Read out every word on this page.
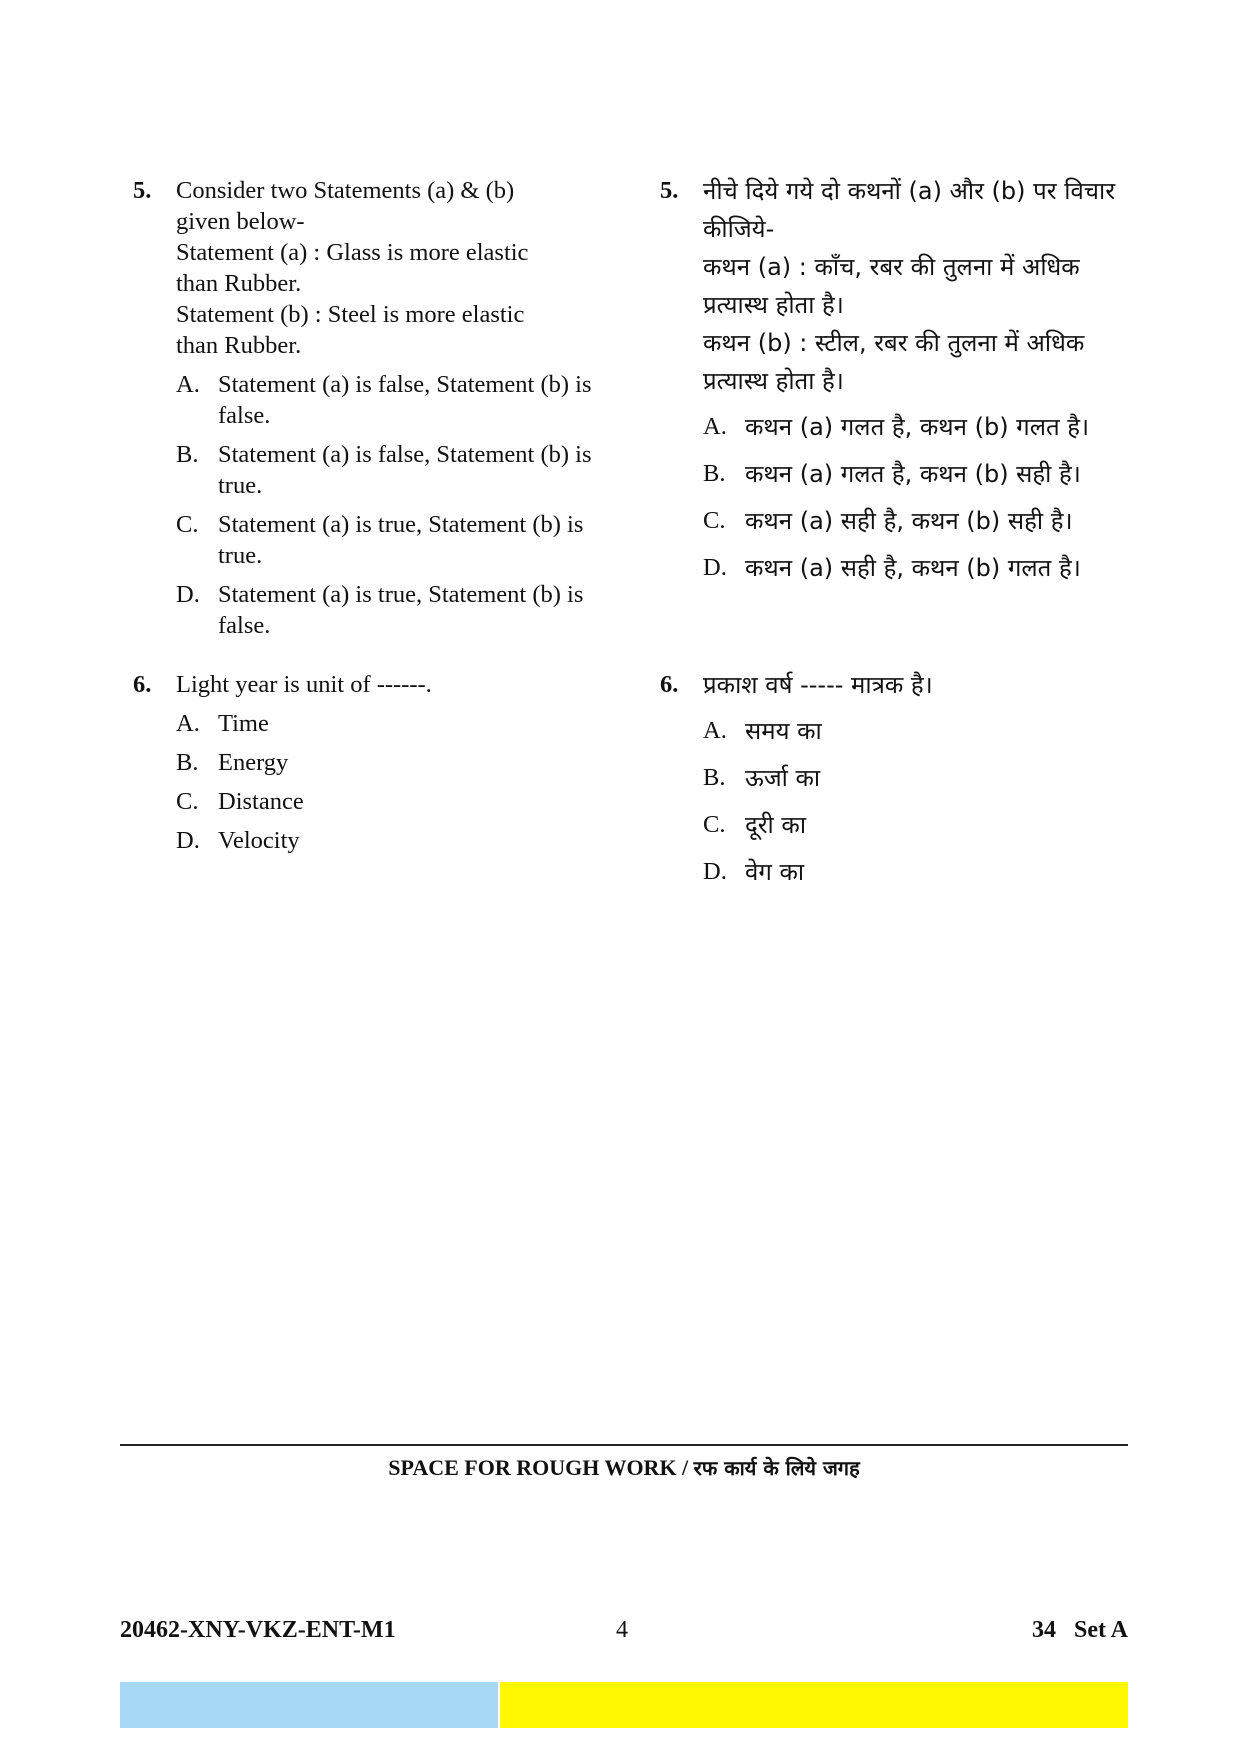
5. Consider two Statements (a) & (b)

given below-

Statement (a) : Glass is more elastic

than Rubber.

Statement (b) : Steel is more elastic

than Rubber.

A. Statement (a) is false, Statement (b) is false.
B. Statement (a) is false, Statement (b) is true.
C. Statement (a) is true, Statement (b) is true.
D. Statement (a) is true, Statement (b) is false.
6. Light year is unit of ------.

A. Time
B. Energy
C. Distance
D. Velocity
5. नीचे दिये गये दो कथनों (a) और (b) पर विचार

कीजिये-

कथन (a) : काँच, रबर की तुलना में अधिक

प्रत्यास्थ होता है।

कथन (b) : स्टील, रबर की तुलना में अधिक

प्रत्यास्थ होता है।

A. कथन (a) गलत है, कथन (b) गलत है।
B. कथन (a) गलत है, कथन (b) सही है।
C. कथन (a) सही है, कथन (b) सही है।
D. कथन (a) सही है, कथन (b) गलत है।
6. प्रकाश वर्ष ----- मात्रक है।

A. समय का
B. ऊर्जा का
C. दूरी का
D. वेग का
SPACE FOR ROUGH WORK / रफ कार्य के लिये जगह
20462-XNY-VKZ-ENT-M1	4	34   Set A
